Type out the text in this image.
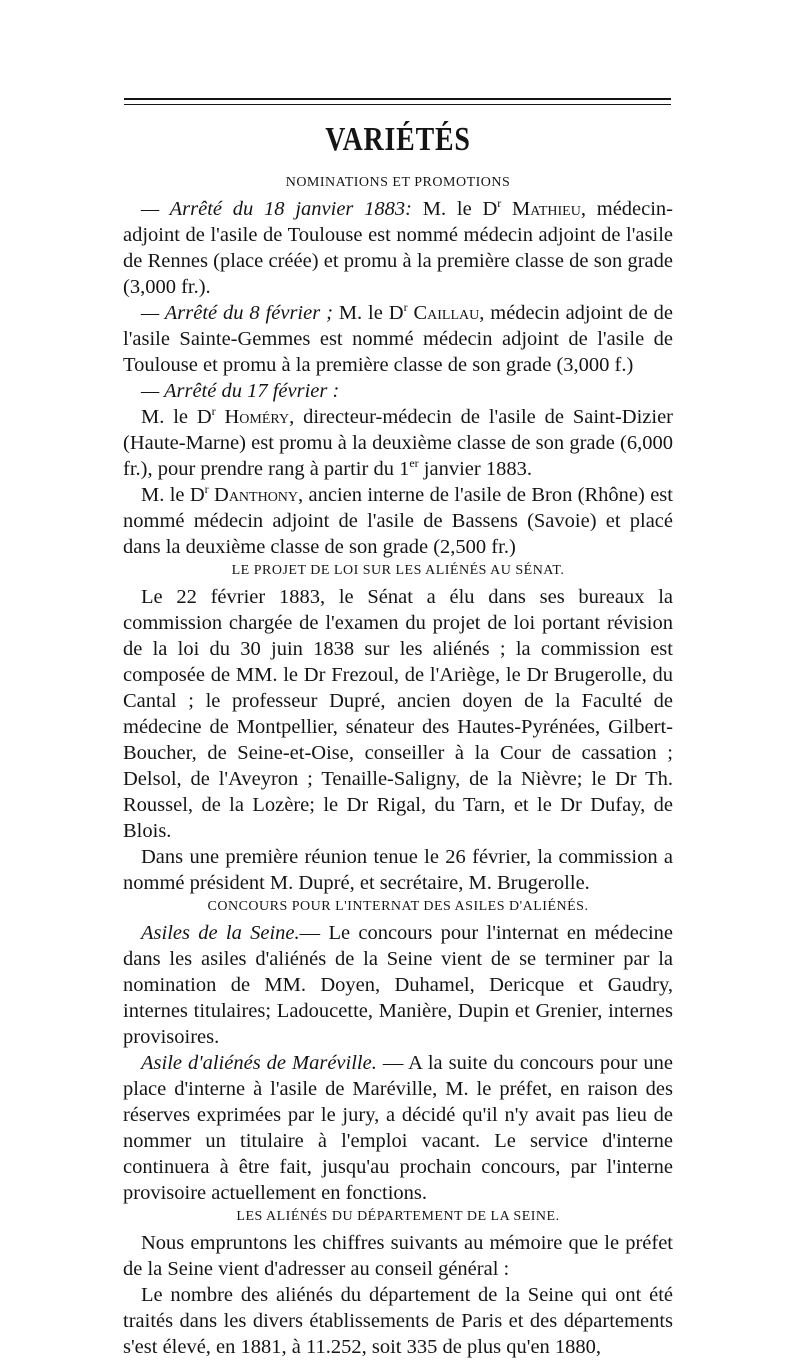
VARIÉTÉS
NOMINATIONS ET PROMOTIONS

— Arrêté du 18 janvier 1883: M. le $D^r$ Mathieu, médecin-adjoint de l'asile de Toulouse est nommé médecin adjoint de l'asile de Rennes (place créée) et promu à la première classe de son grade (3,000 fr.).

— Arrêté du 8 février ; M. le $D^r$ Caillau, médecin adjoint de de l'asile Sainte-Gemmes est nommé médecin adjoint de l'asile de Toulouse et promu à la première classe de son grade (3,000 f.)

— Arrêté du 17 février :

M. le $D^r$ Homéry, directeur-médecin de l'asile de Saint-Dizier (Haute-Marne) est promu à la deuxième classe de son grade (6,000 fr.), pour prendre rang à partir du 1er janvier 1883.

M. le $D^r$ Danthony, ancien interne de l'asile de Bron (Rhône) est nommé médecin adjoint de l'asile de Bassens (Savoie) et placé dans la deuxième classe de son grade (2,500 fr.)

LE PROJET DE LOI SUR LES ALIÉNÉS AU SÉNAT.

Le 22 février 1883, le Sénat a élu dans ses bureaux la commission chargée de l'examen du projet de loi portant révision de la loi du 30 juin 1838 sur les aliénés ; la commission est composée de MM. le Dr Frezoul, de l'Ariège, le Dr Brugerolle, du Cantal ; le professeur Dupré, ancien doyen de la Faculté de médecine de Montpellier, sénateur des Hautes-Pyrénées, Gilbert-Boucher, de Seine-et-Oise, conseiller à la Cour de cassation ; Delsol, de l'Aveyron ; Tenaille-Saligny, de la Nièvre; le Dr Th. Roussel, de la Lozère; le Dr Rigal, du Tarn, et le Dr Dufay, de Blois.

Dans une première réunion tenue le 26 février, la commission a nommé président M. Dupré, et secrétaire, M. Brugerolle.

CONCOURS POUR L'INTERNAT DES ASILES D'ALIÉNÉS.

Asiles de la Seine.— Le concours pour l'internat en médecine dans les asiles d'aliénés de la Seine vient de se terminer par la nomination de MM. Doyen, Duhamel, Dericque et Gaudry, internes titulaires; Ladoucette, Manière, Dupin et Grenier, internes provisoires.

Asile d'aliénés de Maréville. — A la suite du concours pour une place d'interne à l'asile de Maréville, M. le préfet, en raison des réserves exprimées par le jury, a décidé qu'il n'y avait pas lieu de nommer un titulaire à l'emploi vacant. Le service d'interne continuera à être fait, jusqu'au prochain concours, par l'interne provisoire actuellement en fonctions.

LES ALIÉNÉS DU DÉPARTEMENT DE LA SEINE.

Nous empruntons les chiffres suivants au mémoire que le préfet de la Seine vient d'adresser au conseil général :

Le nombre des aliénés du département de la Seine qui ont été traités dans les divers établissements de Paris et des départements s'est élevé, en 1881, à 11.252, soit 335 de plus qu'en 1880,
